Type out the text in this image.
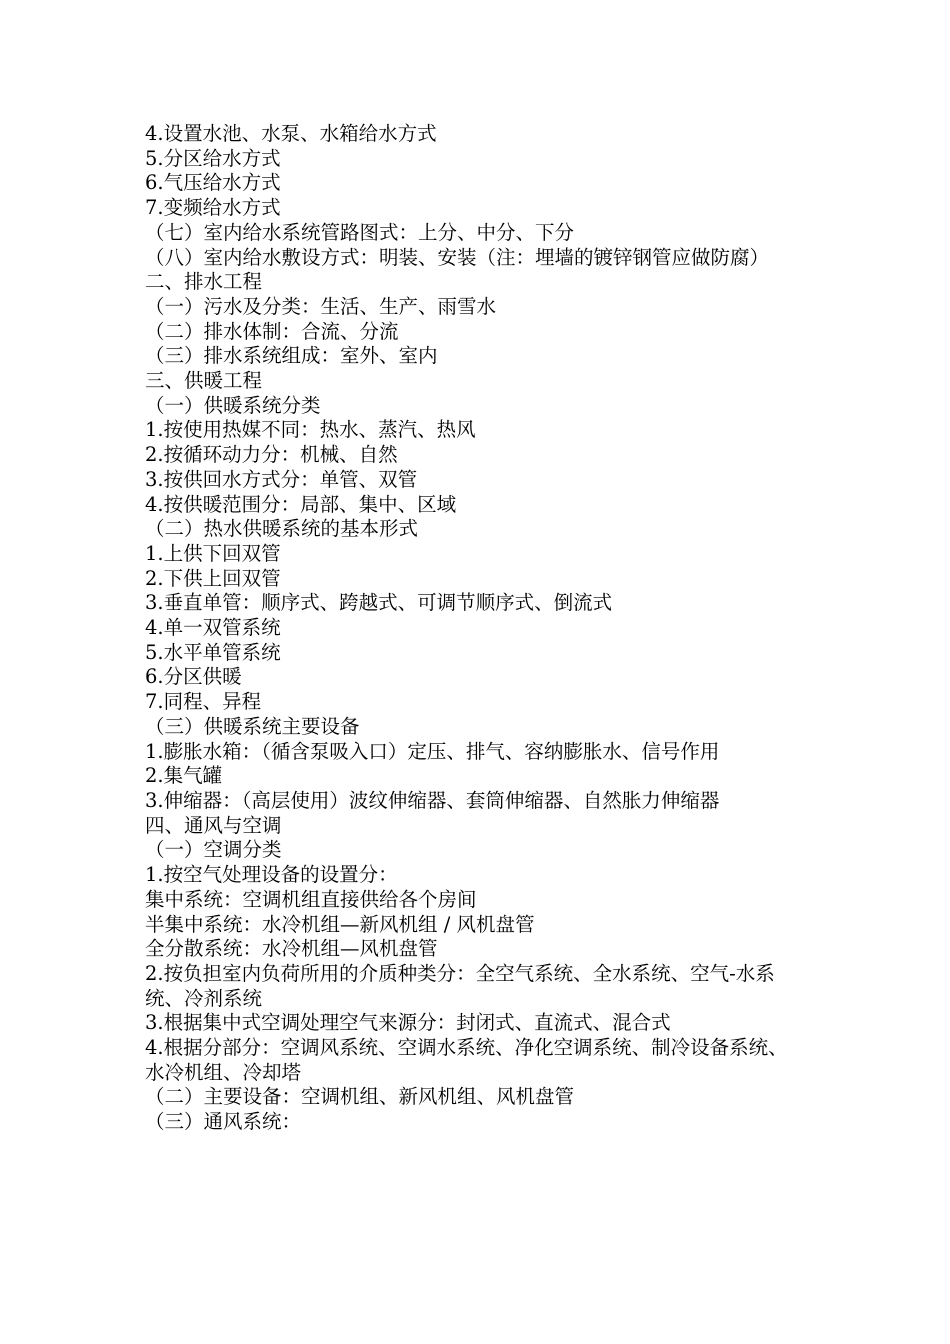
4.设置水池、水泵、水箱给水方式

5.分区给水方式

6.气压给水方式

7.变频给水方式

（七）室内给水系统管路图式：上分、中分、下分

（八）室内给水敷设方式：明装、安装（注：埋墙的镀锌钢管应做防腐）

二、排水工程

（一）污水及分类：生活、生产、雨雪水

（二）排水体制：合流、分流

（三）排水系统组成：室外、室内

三、供暖工程

（一）供暖系统分类

1.按使用热媒不同：热水、蒸汽、热风

2.按循环动力分：机械、自然

3.按供回水方式分：单管、双管

4.按供暖范围分：局部、集中、区域

（二）热水供暖系统的基本形式

1.上供下回双管

2.下供上回双管

3.垂直单管：顺序式、跨越式、可调节顺序式、倒流式

4.单一双管系统

5.水平单管系统

6.分区供暖

7.同程、异程

（三）供暖系统主要设备

1.膨胀水箱：（循含泵吸入口）定压、排气、容纳膨胀水、信号作用

2.集气罐

3.伸缩器：（高层使用）波纹伸缩器、套筒伸缩器、自然胀力伸缩器

四、通风与空调

（一）空调分类

1.按空气处理设备的设置分：

集中系统：空调机组直接供给各个房间

半集中系统：水冷机组—新风机组 / 风机盘管

全分散系统：水冷机组—风机盘管

2.按负担室内负荷所用的介质种类分：全空气系统、全水系统、空气-水系统、冷剂系统

3.根据集中式空调处理空气来源分：封闭式、直流式、混合式

4.根据分部分：空调风系统、空调水系统、净化空调系统、制冷设备系统、水冷机组、冷却塔

（二）主要设备：空调机组、新风机组、风机盘管

（三）通风系统：
